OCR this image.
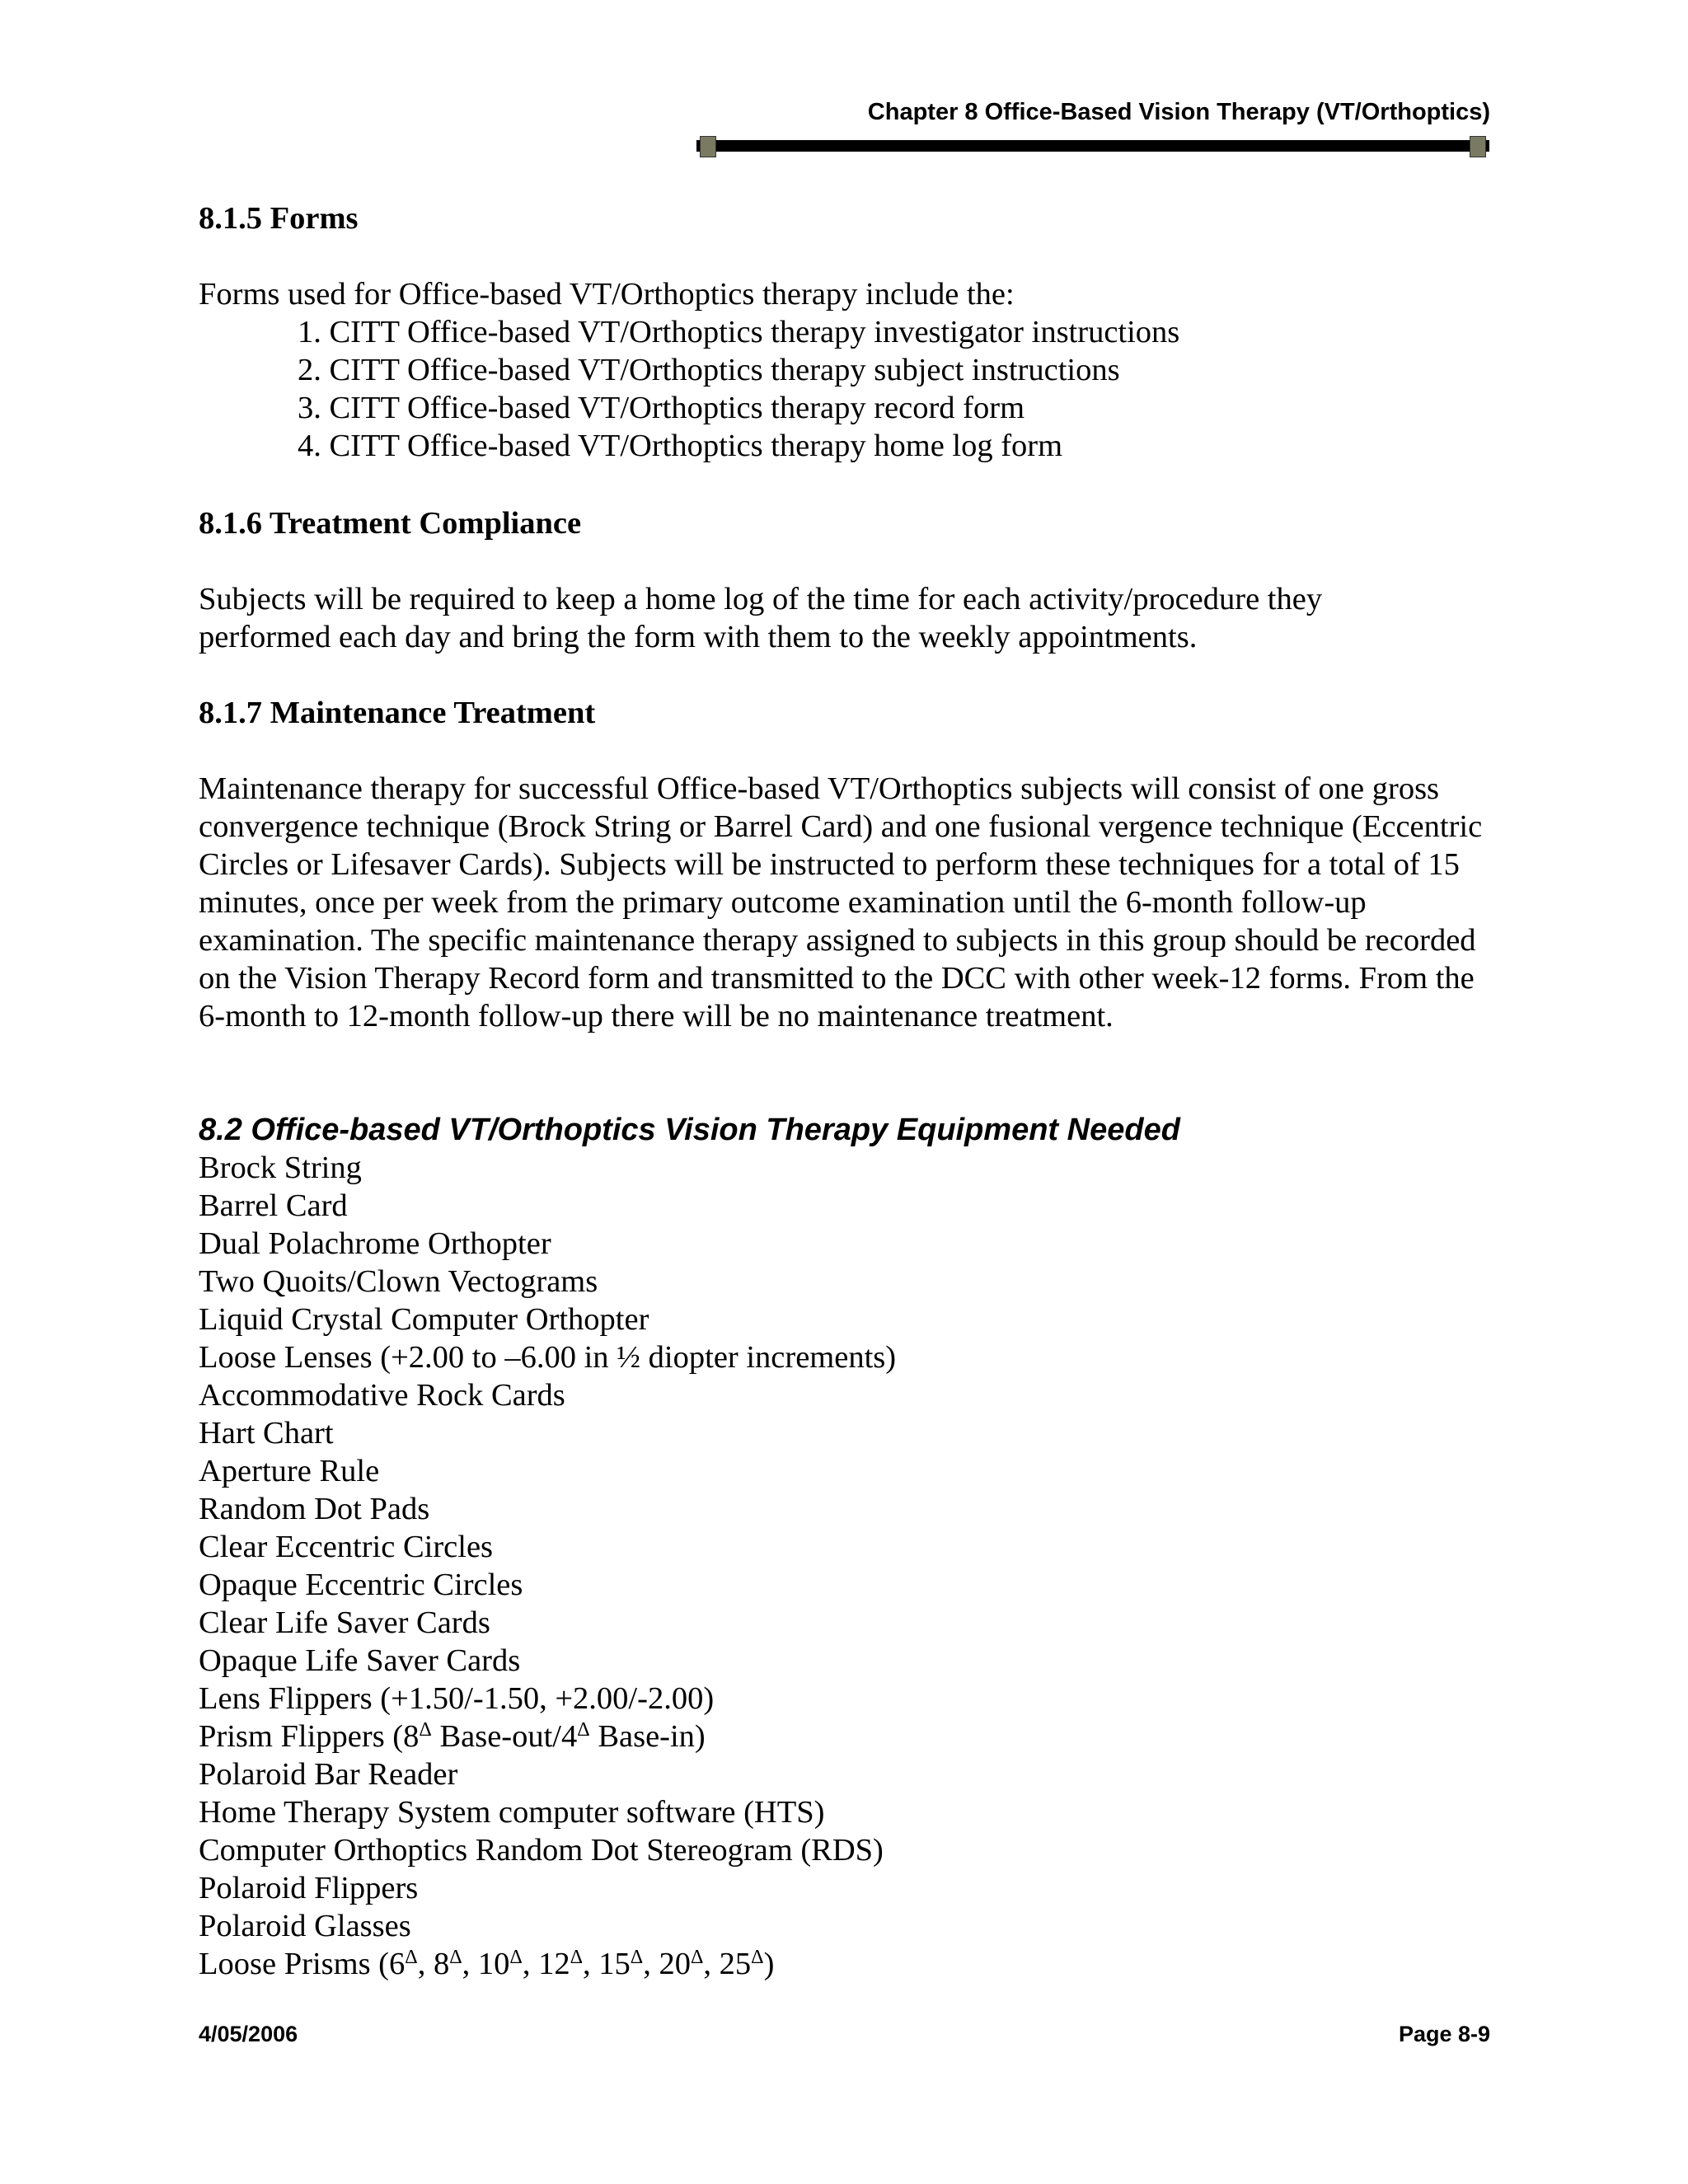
Chapter 8 Office-Based Vision Therapy (VT/Orthoptics)
8.1.5 Forms

Forms used for Office-based VT/Orthoptics therapy include the:

1. CITT Office-based VT/Orthoptics therapy investigator instructions
2. CITT Office-based VT/Orthoptics therapy subject instructions
3. CITT Office-based VT/Orthoptics therapy record form
4. CITT Office-based VT/Orthoptics therapy home log form
8.1.6 Treatment Compliance
Subjects will be required to keep a home log of the time for each activity/procedure they performed each day and bring the form with them to the weekly appointments.
8.1.7 Maintenance Treatment
Maintenance therapy for successful Office-based VT/Orthoptics subjects will consist of one gross convergence technique (Brock String or Barrel Card) and one fusional vergence technique (Eccentric Circles or Lifesaver Cards). Subjects will be instructed to perform these techniques for a total of 15 minutes, once per week from the primary outcome examination until the 6-month follow-up examination. The specific maintenance therapy assigned to subjects in this group should be recorded on the Vision Therapy Record form and transmitted to the DCC with other week-12 forms. From the 6-month to 12-month follow-up there will be no maintenance treatment.
8.2 Office-based VT/Orthoptics Vision Therapy Equipment Needed
Brock String
Barrel Card
Dual Polachrome Orthopter
Two Quoits/Clown Vectograms
Liquid Crystal Computer Orthopter
Loose Lenses (+2.00 to –6.00 in ½ diopter increments)
Accommodative Rock Cards
Hart Chart
Aperture Rule
Random Dot Pads
Clear Eccentric Circles
Opaque Eccentric Circles
Clear Life Saver Cards
Opaque Life Saver Cards
Lens Flippers (+1.50/-1.50, +2.00/-2.00)
Prism Flippers ($8^\Delta$ Base-$out/4^\Delta$ Base-in)
Polaroid Bar Reader
Home Therapy System computer software (HTS)
Computer Orthoptics Random Dot Stereogram (RDS)
Polaroid Flippers
Polaroid Glasses
Loose Prisms ($6^\Delta$, $8^\Delta$, $10^\Delta$, $12^\Delta$, $15^\Delta$, $20^\Delta$, $25^\Delta$)
4/05/2006	Page 8-9
